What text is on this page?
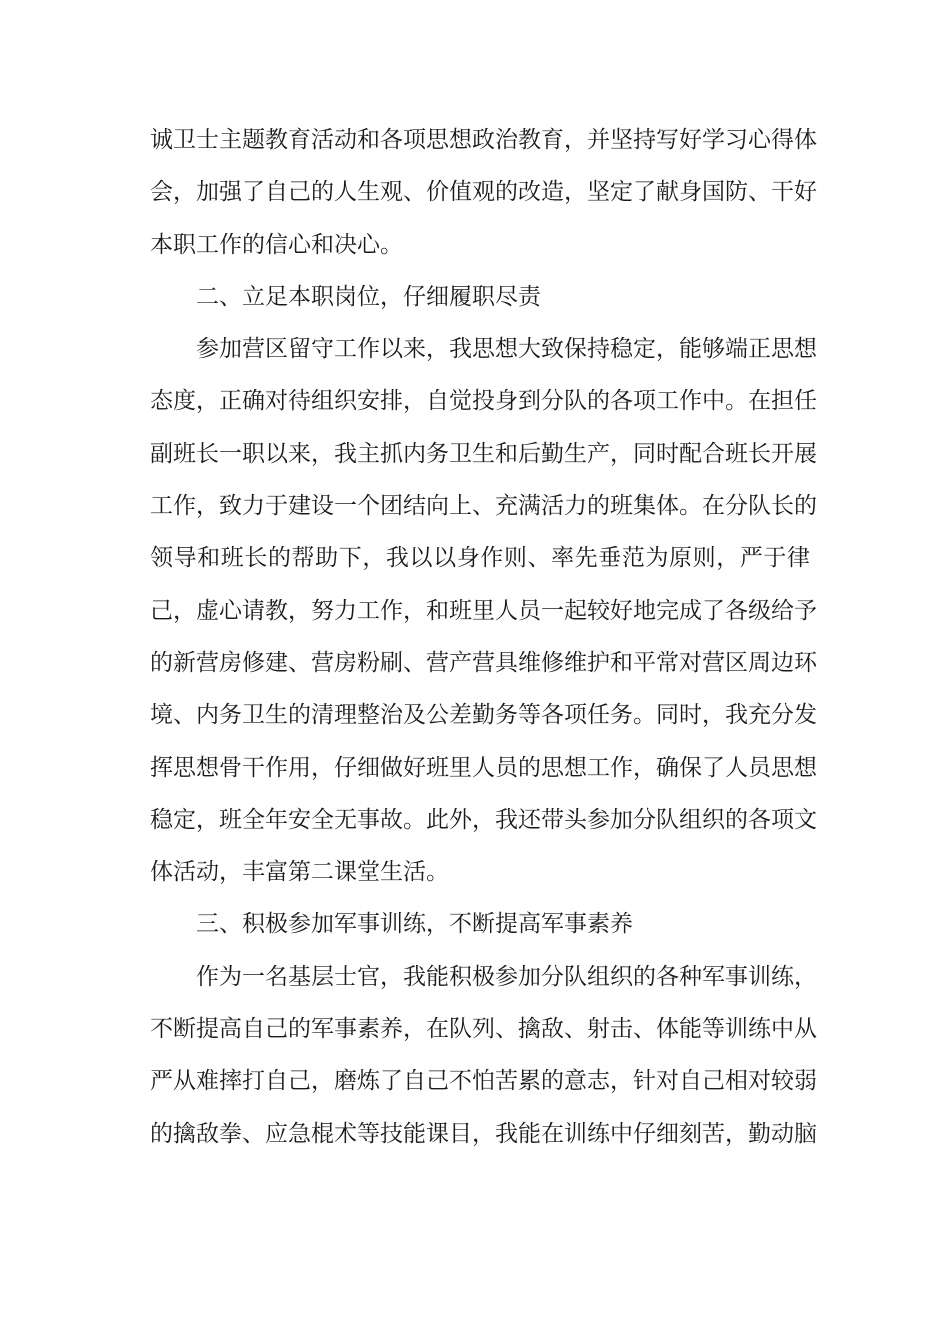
诚卫士主题教育活动和各项思想政治教育，并坚持写好学习心得体
会，加强了自己的人生观、价值观的改造，坚定了献身国防、干好
本职工作的信心和决心。
二、立足本职岗位，仔细履职尽责
参加营区留守工作以来，我思想大致保持稳定，能够端正思想
态度，正确对待组织安排，自觉投身到分队的各项工作中。在担任
副班长一职以来，我主抓内务卫生和后勤生产，同时配合班长开展
工作，致力于建设一个团结向上、充满活力的班集体。在分队长的
领导和班长的帮助下，我以以身作则、率先垂范为原则，严于律
己，虚心请教，努力工作，和班里人员一起较好地完成了各级给予
的新营房修建、营房粉刷、营产营具维修维护和平常对营区周边环
境、内务卫生的清理整治及公差勤务等各项任务。同时，我充分发
挥思想骨干作用，仔细做好班里人员的思想工作，确保了人员思想
稳定，班全年安全无事故。此外，我还带头参加分队组织的各项文
体活动，丰富第二课堂生活。
三、积极参加军事训练，不断提高军事素养
作为一名基层士官，我能积极参加分队组织的各种军事训练，
不断提高自己的军事素养，在队列、擒敌、射击、体能等训练中从
严从难摔打自己，磨炼了自己不怕苦累的意志，针对自己相对较弱
的擒敌拳、应急棍术等技能课目，我能在训练中仔细刻苦，勤动脑
